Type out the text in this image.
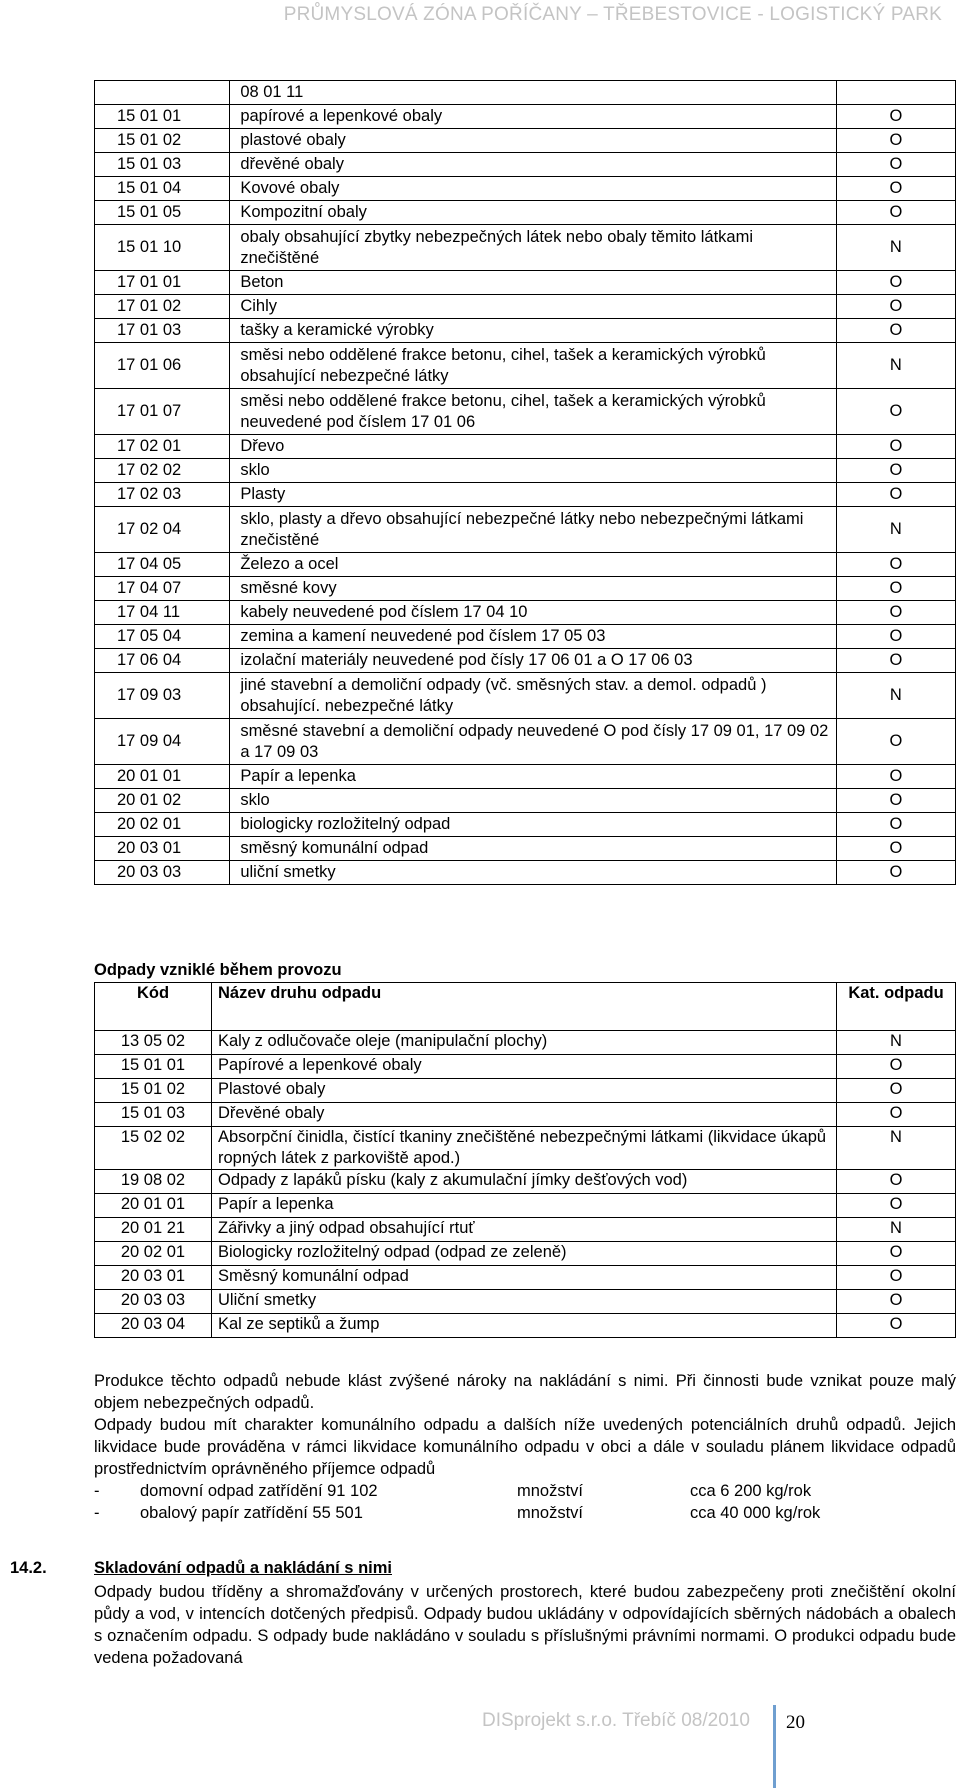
PRŮMYSLOVÁ ZÓNA POŘÍČANY – TŘEBESTOVICE - LOGISTICKÝ PARK
	08 01 11	
15 01 01	papírové a lepenkové obaly	O
15 01 02	plastové obaly	O
15 01 03	dřevěné obaly	O
15 01 04	Kovové obaly	O
15 01 05	Kompozitní obaly	O
15 01 10	obaly obsahující zbytky nebezpečných látek nebo obaly těmito látkami znečištěné	N
17 01 01	Beton	O
17 01 02	Cihly	O
17 01 03	tašky a keramické výrobky	O
17 01 06	směsi nebo oddělené frakce betonu, cihel, tašek a keramických výrobků obsahující nebezpečné látky	N
17 01 07	směsi nebo oddělené frakce betonu, cihel, tašek a keramických výrobků neuvedené pod číslem 17 01 06	O
17 02 01	Dřevo	O
17 02 02	sklo	O
17 02 03	Plasty	O
17 02 04	sklo, plasty a dřevo obsahující nebezpečné látky nebo nebezpečnými látkami znečistěné	N
17 04 05	Železo a ocel	O
17 04 07	směsné kovy	O
17 04 11	kabely neuvedené pod číslem 17 04 10	O
17 05 04	zemina a kamení neuvedené pod číslem 17 05 03	O
17 06 04	izolační materiály neuvedené pod čísly 17 06 01 a O 17 06 03	O
17 09 03	jiné stavební a demoliční odpady (vč. směsných stav. a demol. odpadů ) obsahující. nebezpečné látky	N
17 09 04	směsné stavební a demoliční odpady neuvedené O pod čísly 17 09 01, 17 09 02 a 17 09 03	O
20 01 01	Papír a lepenka	O
20 01 02	sklo	O
20 02 01	biologicky rozložitelný odpad	O
20 03 01	směsný komunální odpad	O
20 03 03	uliční smetky	O
Odpady vzniklé během provozu
Kód	Název druhu odpadu	Kat. odpadu
13 05 02	Kaly z odlučovače oleje (manipulační plochy)	N
15 01 01	Papírové a lepenkové obaly	O
15 01 02	Plastové obaly	O
15 01 03	Dřevěné obaly	O
15 02 02	Absorpční činidla, čistící tkaniny znečištěné nebezpečnými látkami (likvidace úkapů ropných látek z parkoviště apod.)	N
19 08 02	Odpady z lapáků písku (kaly z akumulační jímky dešťových vod)	O
20 01 01	Papír a lepenka	O
20 01 21	Zářivky a jiný odpad obsahující rtuť	N
20 02 01	Biologicky rozložitelný odpad (odpad ze zeleně)	O
20 03 01	Směsný komunální odpad	O
20 03 03	Uliční smetky	O
20 03 04	Kal ze septiků a žump	O
Produkce těchto odpadů nebude klást zvýšené nároky na nakládání s nimi. Při činnosti bude vznikat pouze malý objem nebezpečných odpadů.
Odpady budou mít charakter komunálního odpadu a dalších níže uvedených potenciálních druhů odpadů. Jejich likvidace bude prováděna v rámci likvidace komunálního odpadu v obci a dále v souladu plánem likvidace odpadů prostřednictvím oprávněného příjemce odpadů
- domovní odpad zatřídění 91 102	množství	cca 6 200 kg/rok
- obalový papír zatřídění 55 501	množství	cca 40 000 kg/rok
14.2.	Skladování odpadů a nakládání s nimi
Odpady budou tříděny a shromažďovány v určených prostorech, které budou zabezpečeny proti znečištění okolní půdy a vod, v intencích dotčených předpisů. Odpady budou ukládány v odpovídajících sběrných nádobách a obalech s označením odpadu. S odpady bude nakládáno v souladu s příslušnými právními normami. O produkci odpadu bude vedena požadovaná
DISprojekt s.r.o. Třebíč 08/2010 20
